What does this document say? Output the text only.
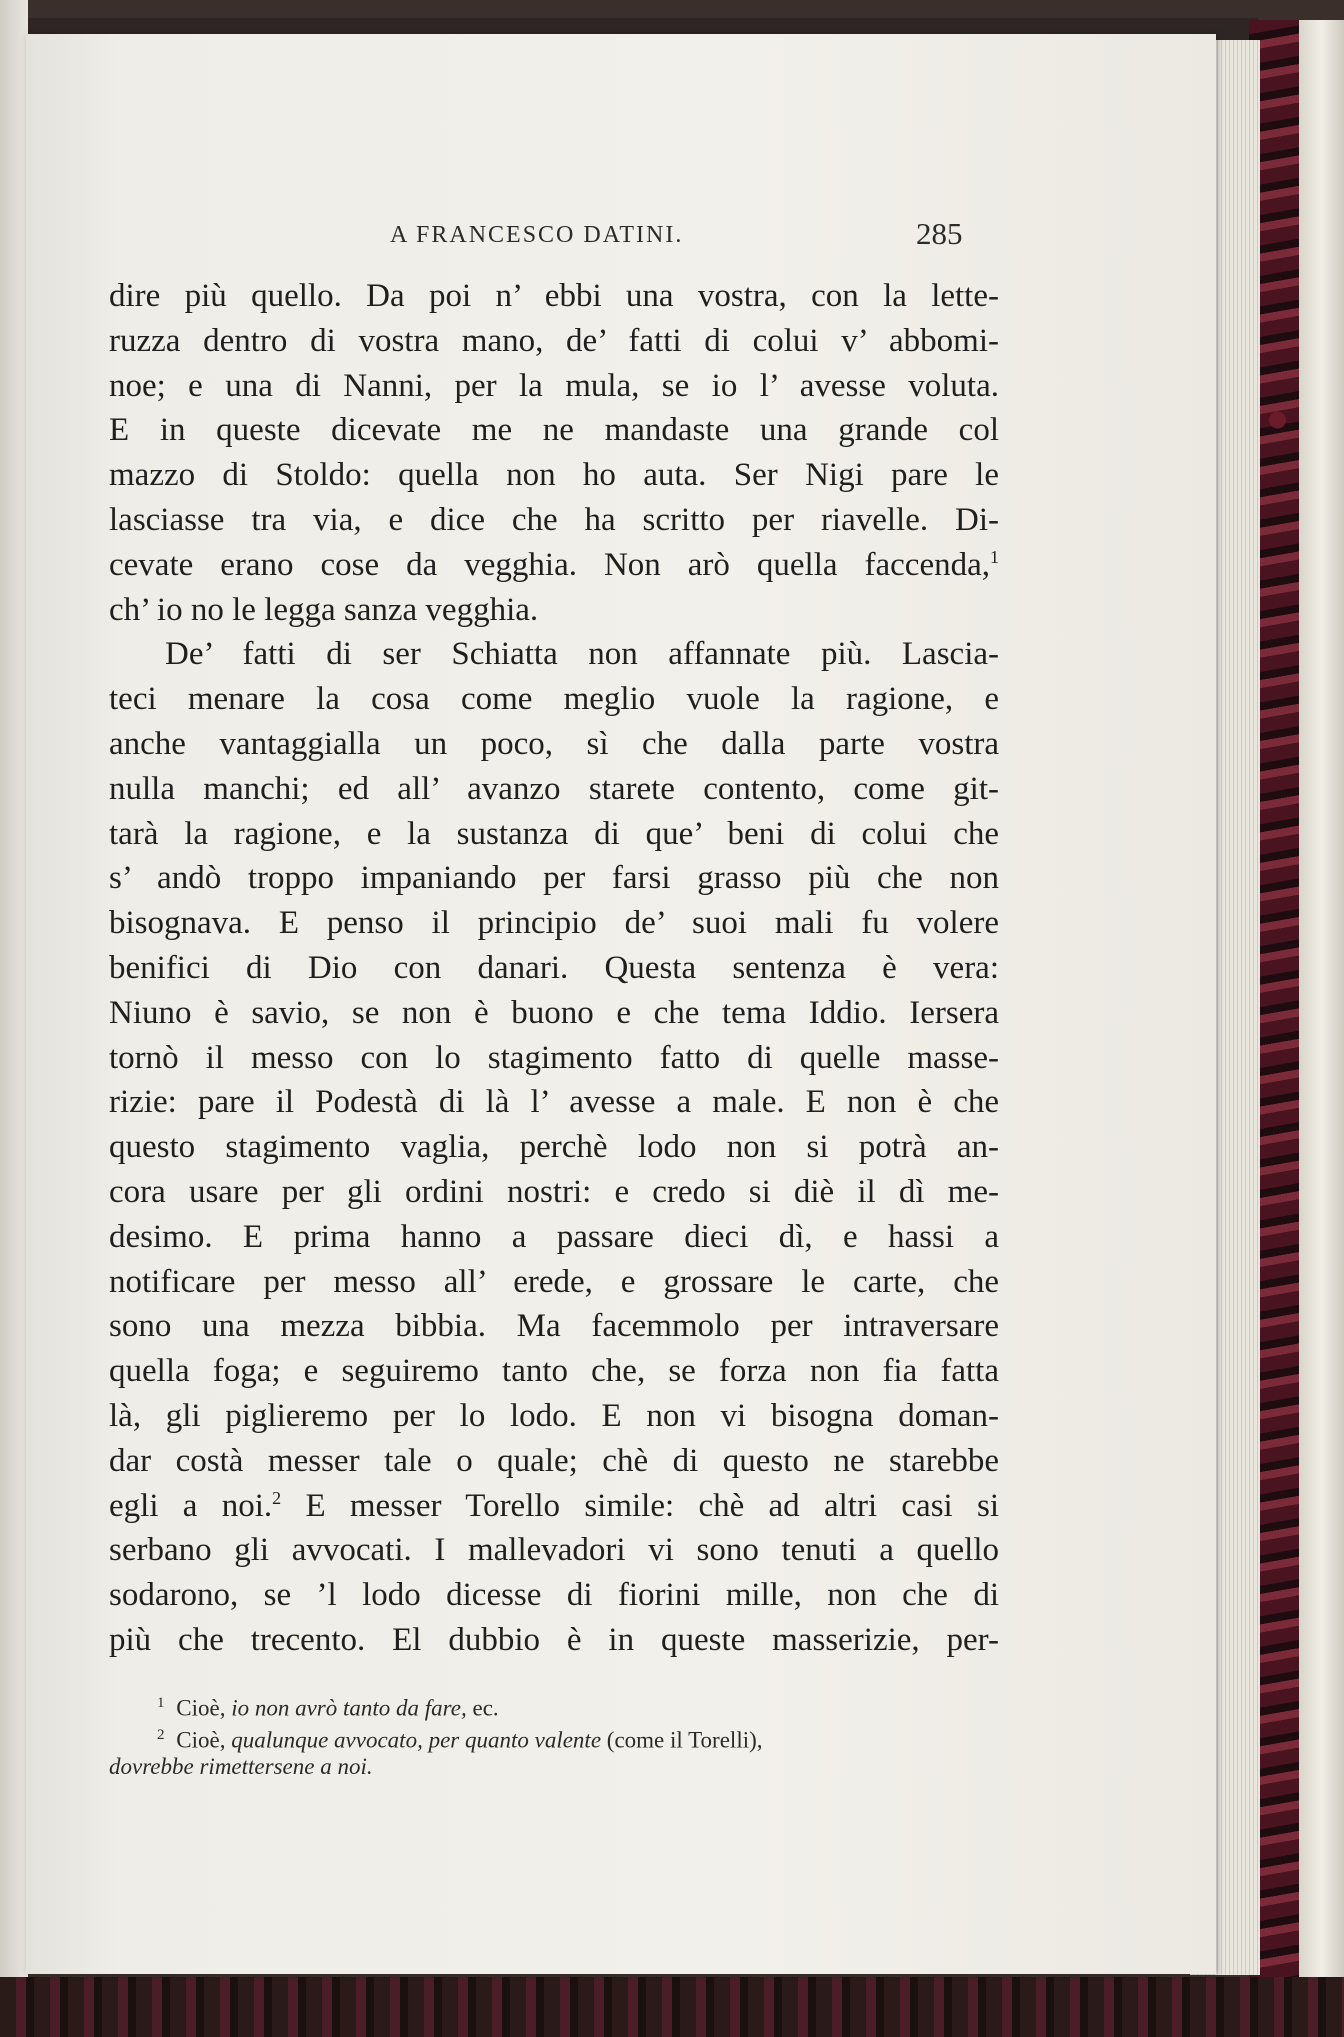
A FRANCESCO DATINI.	285
dire più quello. Da poi n’ ebbi una vostra, con la lette-
ruzza dentro di vostra mano, de’ fatti di colui v’ abbomi-
noe; e una di Nanni, per la mula, se io l’ avesse voluta.
E in queste dicevate me ne mandaste una grande col
mazzo di Stoldo: quella non ho auta. Ser Nigi pare le
lasciasse tra via, e dice che ha scritto per riavelle. Di-
cevate erano cose da vegghia. Non arò quella faccenda,$^1$
ch’ io no le legga sanza vegghia.
De’ fatti di ser Schiatta non affannate più. Lascia-
teci menare la cosa come meglio vuole la ragione, e
anche vantaggialla un poco, sì che dalla parte vostra
nulla manchi; ed all’ avanzo starete contento, come git-
tarà la ragione, e la sustanza di que’ beni di colui che
s’ andò troppo impaniando per farsi grasso più che non
bisognava. E penso il principio de’ suoi mali fu volere
benifici di Dio con danari. Questa sentenza è vera:
Niuno è savio, se non è buono e che tema Iddio. Iersera
tornò il messo con lo stagimento fatto di quelle masse-
rizie: pare il Podestà di là l’ avesse a male. E non è che
questo stagimento vaglia, perchè lodo non si potrà an-
cora usare per gli ordini nostri: e credo si diè il dì me-
desimo. E prima hanno a passare dieci dì, e hassi a
notificare per messo all’ erede, e grossare le carte, che
sono una mezza bibbia. Ma facemmolo per intraversare
quella foga; e seguiremo tanto che, se forza non fia fatta
là, gli piglieremo per lo lodo. E non vi bisogna doman-
dar costà messer tale o quale; chè di questo ne starebbe
egli a noi.$^2$ E messer Torello simile: chè ad altri casi si
serbano gli avvocati. I mallevadori vi sono tenuti a quello
sodarono, se ’l lodo dicesse di fiorini mille, non che di
più che trecento. El dubbio è in queste masserizie, per-
$^1$ Cioè, io non avrò tanto da fare, ec.
$^2$ Cioè, qualunque avvocato, per quanto valente (come il Torelli),
dovrebbe rimettersene a noi.
